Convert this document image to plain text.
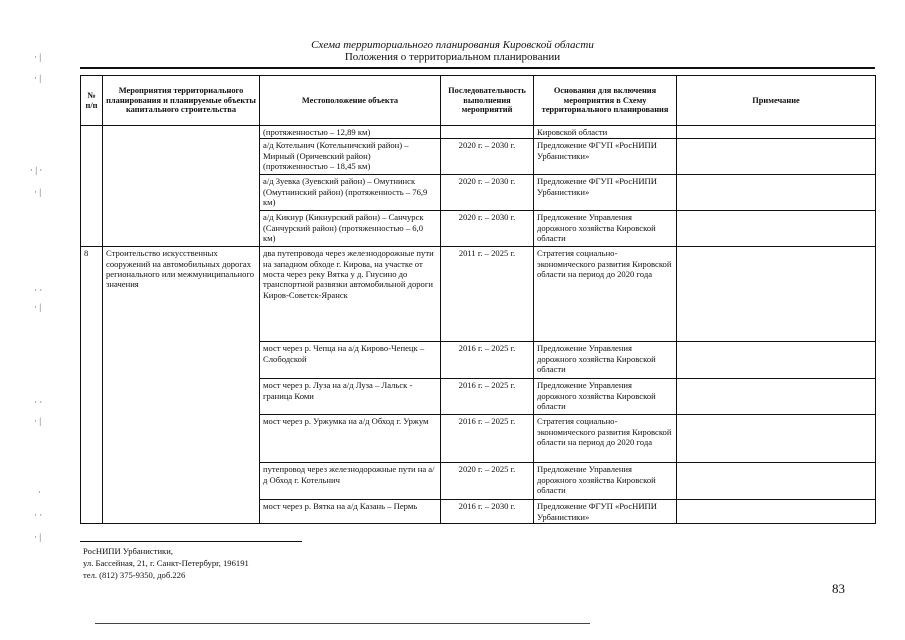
Схема территориального планирования Кировской области
Положения о территориальном планировании
· |
· |
· | ·
· |
· ·
· |
· ·
· |
·
· ·
· |
№ п/п	Мероприятия территориального планирования и планируемые объекты капитального строительства	Местоположение объекта	Последовательность выполнения мероприятий	Основания для включения мероприятия в Схему территориального планирования	Примечание
		(протяженностью – 12,89 км)		Кировской области	
		а/д Котельнич (Котельничский район) – Мирный (Оричевский район) (протяженностью – 18,45 км)	2020 г. – 2030 г.	Предложение ФГУП «РосНИПИ Урбанистики»	
		а/д Зуевка (Зуевский район) – Омутнинск (Омутнинский район) (протяженность – 76,9 км)	2020 г. – 2030 г.	Предложение ФГУП «РосНИПИ Урбанистики»	
		а/д Кикнур (Кикнурский район) – Санчурск (Санчурский район) (протяженностью – 6,0 км)	2020 г. – 2030 г.	Предложение Управления дорожного хозяйства Кировской области	
8	Строительство искусственных сооружений на автомобильных дорогах регионального или межмуниципального значения	два путепровода через железнодорожные пути на западном обходе г. Кирова, на участке от моста через реку Вятка у д. Гнусино до транспортной развязки автомобильной дороги Киров-Советск-Яранск	2011 г. – 2025 г.	Стратегия социально-экономического развития Кировской области на период до 2020 года	
		мост через р. Чепца на а/д Кирово-Чепецк – Слободской	2016 г. – 2025 г.	Предложение Управления дорожного хозяйства Кировской области	
		мост через р. Луза на а/д Луза – Лальск - граница Коми	2016 г. – 2025 г.	Предложение Управления дорожного хозяйства Кировской области	
		мост через р. Уржумка на а/д Обход г. Уржум	2016 г. – 2025 г.	Стратегия социально-экономического развития Кировской области на период до 2020 года	
		путепровод через железнодорожные пути на а/д Обход г. Котельнич	2020 г. – 2025 г.	Предложение Управления дорожного хозяйства Кировской области	
		мост через р. Вятка на а/д Казань – Пермь	2016 г. – 2030 г.	Предложение ФГУП «РосНИПИ Урбанистики»	
РосНИПИ Урбанистики,
ул. Бассейная, 21, г. Санкт-Петербург, 196191
тел. (812) 375-9350, доб.226
83
